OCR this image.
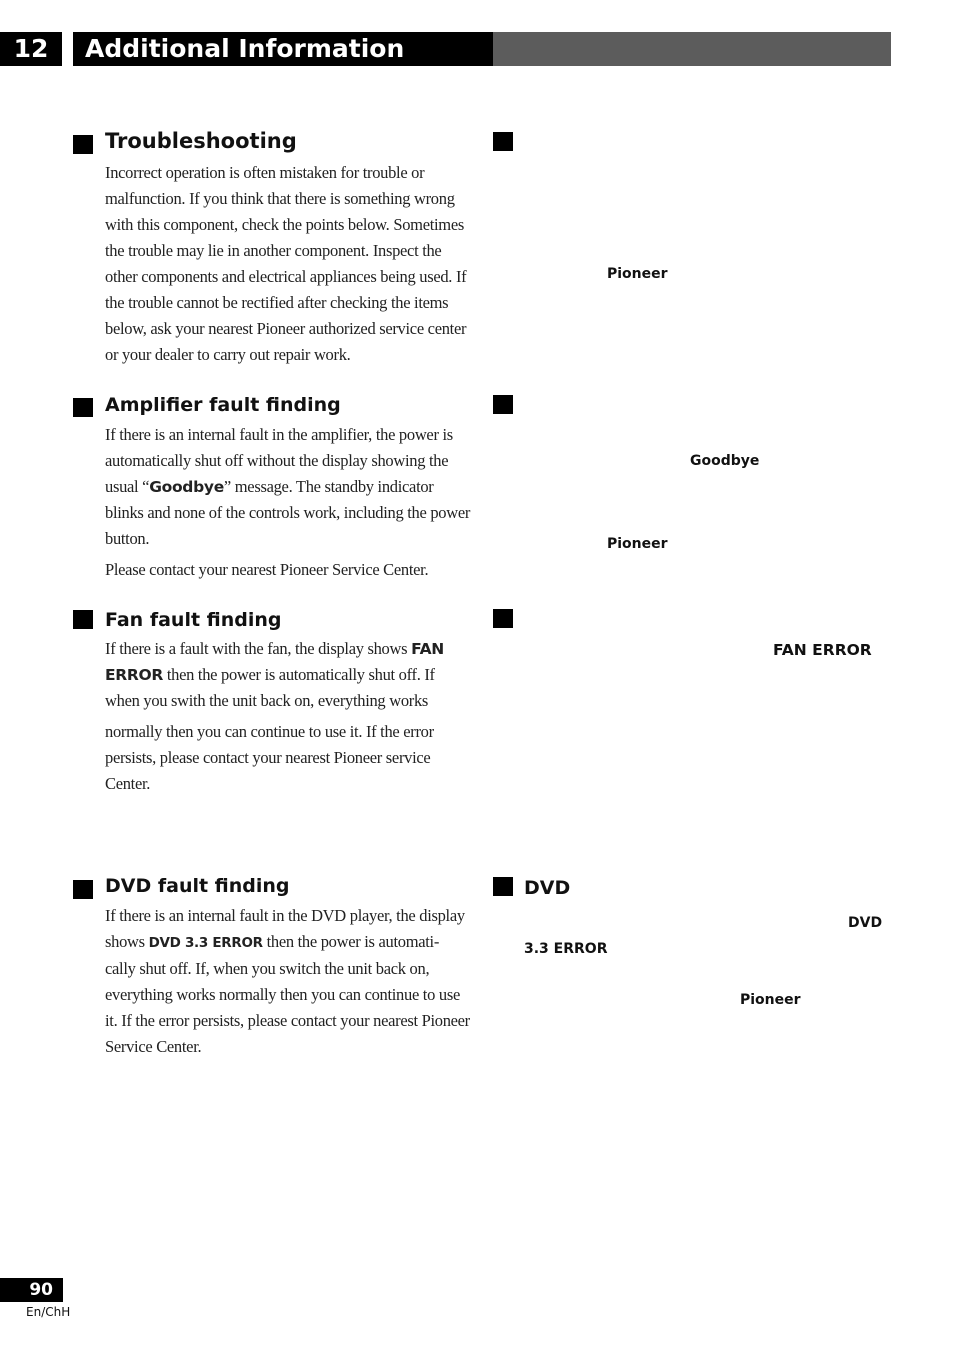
12	Additional Information
Troubleshooting
Incorrect operation is often mistaken for trouble or malfunction. If you think that there is something wrong with this component, check the points below. Sometimes the trouble may lie in another component. Inspect the other components and electrical appliances being used. If the trouble cannot be rectified after checking the items below, ask your nearest Pioneer authorized service center or your dealer to carry out repair work.
Amplifier fault finding
If there is an internal fault in the amplifier, the power is automatically shut off without the display showing the usual “Goodbye” message. The standby indicator blinks and none of the controls work, including the power button.
Please contact your nearest Pioneer Service Center.
Fan fault finding
If there is a fault with the fan, the display shows FAN ERROR then the power is automatically shut off. If when you swith the unit back on, everything works
normally then you can continue to use it. If the error persists, please contact your nearest Pioneer service Center.
DVD fault finding
If there is an internal fault in the DVD player, the display shows DVD 3.3 ERROR then the power is automati- cally shut off. If, when you switch the unit back on, everything works normally then you can continue to use it. If the error persists, please contact your nearest Pioneer Service Center.
Pioneer
Goodbye
Pioneer
FAN ERROR
DVD
DVD
3.3 ERROR
Pioneer
90
En/ChH
